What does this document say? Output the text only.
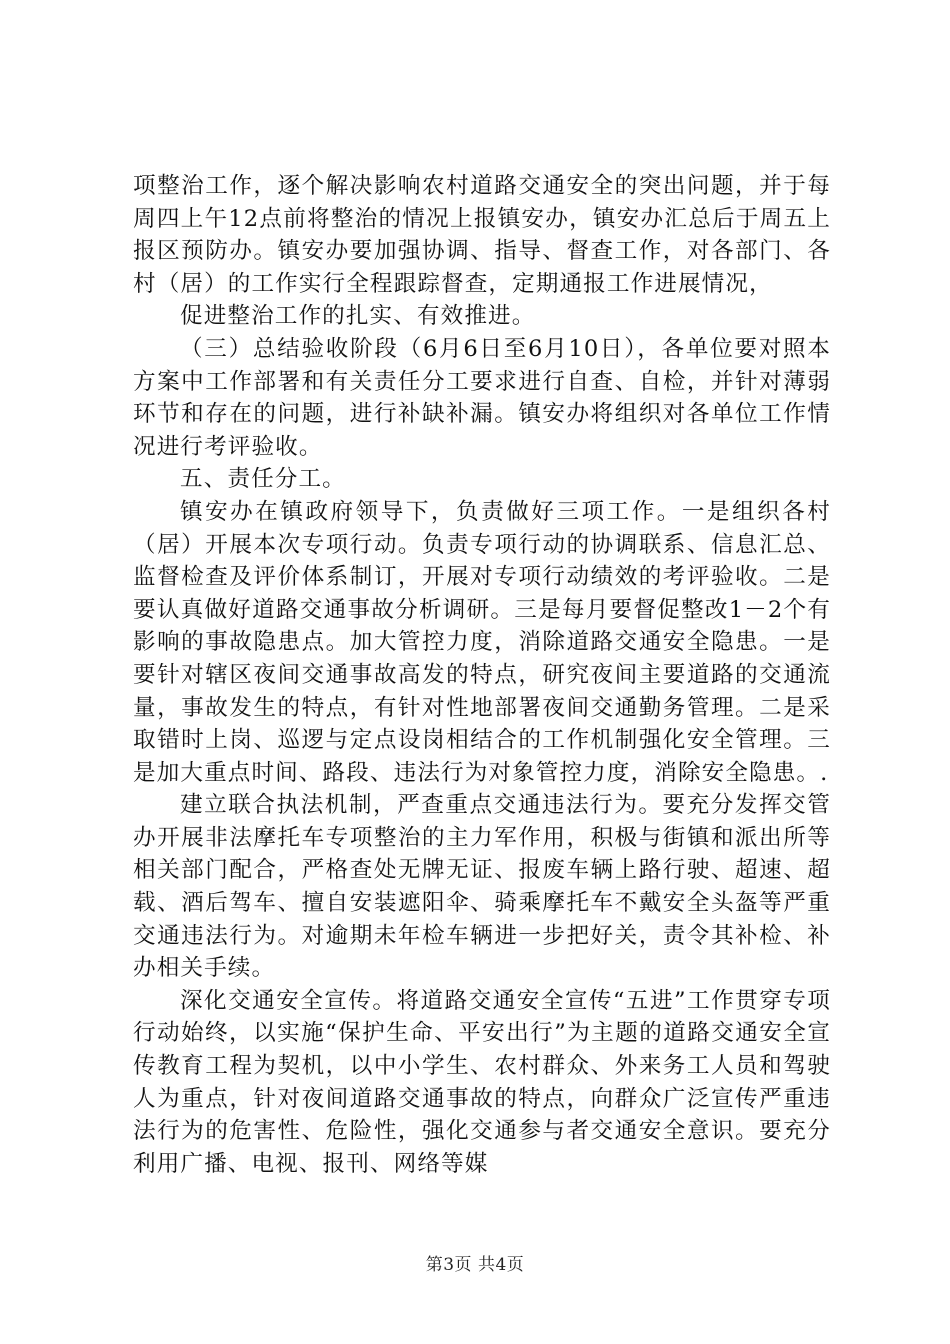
项整治工作，逐个解决影响农村道路交通安全的突出问题，并于每周四上午12点前将整治的情况上报镇安办，镇安办汇总后于周五上报区预防办。镇安办要加强协调、指导、督查工作，对各部门、各村（居）的工作实行全程跟踪督查，定期通报工作进展情况，

促进整治工作的扎实、有效推进。

（三）总结验收阶段（6月6日至6月10日），各单位要对照本方案中工作部署和有关责任分工要求进行自查、自检，并针对薄弱环节和存在的问题，进行补缺补漏。镇安办将组织对各单位工作情况进行考评验收。

五、责任分工。

镇安办在镇政府领导下，负责做好三项工作。一是组织各村（居）开展本次专项行动。负责专项行动的协调联系、信息汇总、监督检查及评价体系制订，开展对专项行动绩效的考评验收。二是要认真做好道路交通事故分析调研。三是每月要督促整改1－2个有影响的事故隐患点。加大管控力度，消除道路交通安全隐患。一是要针对辖区夜间交通事故高发的特点，研究夜间主要道路的交通流量，事故发生的特点，有针对性地部署夜间交通勤务管理。二是采取错时上岗、巡逻与定点设岗相结合的工作机制强化安全管理。三是加大重点时间、路段、违法行为对象管控力度，消除安全隐患。.

建立联合执法机制，严查重点交通违法行为。要充分发挥交管办开展非法摩托车专项整治的主力军作用，积极与街镇和派出所等相关部门配合，严格查处无牌无证、报废车辆上路行驶、超速、超载、酒后驾车、擅自安装遮阳伞、骑乘摩托车不戴安全头盔等严重交通违法行为。对逾期未年检车辆进一步把好关，责令其补检、补办相关手续。

深化交通安全宣传。将道路交通安全宣传“五进”工作贯穿专项行动始终，以实施“保护生命、平安出行”为主题的道路交通安全宣传教育工程为契机，以中小学生、农村群众、外来务工人员和驾驶人为重点，针对夜间道路交通事故的特点，向群众广泛宣传严重违法行为的危害性、危险性，强化交通参与者交通安全意识。要充分利用广播、电视、报刊、网络等媒

第3页 共4页
